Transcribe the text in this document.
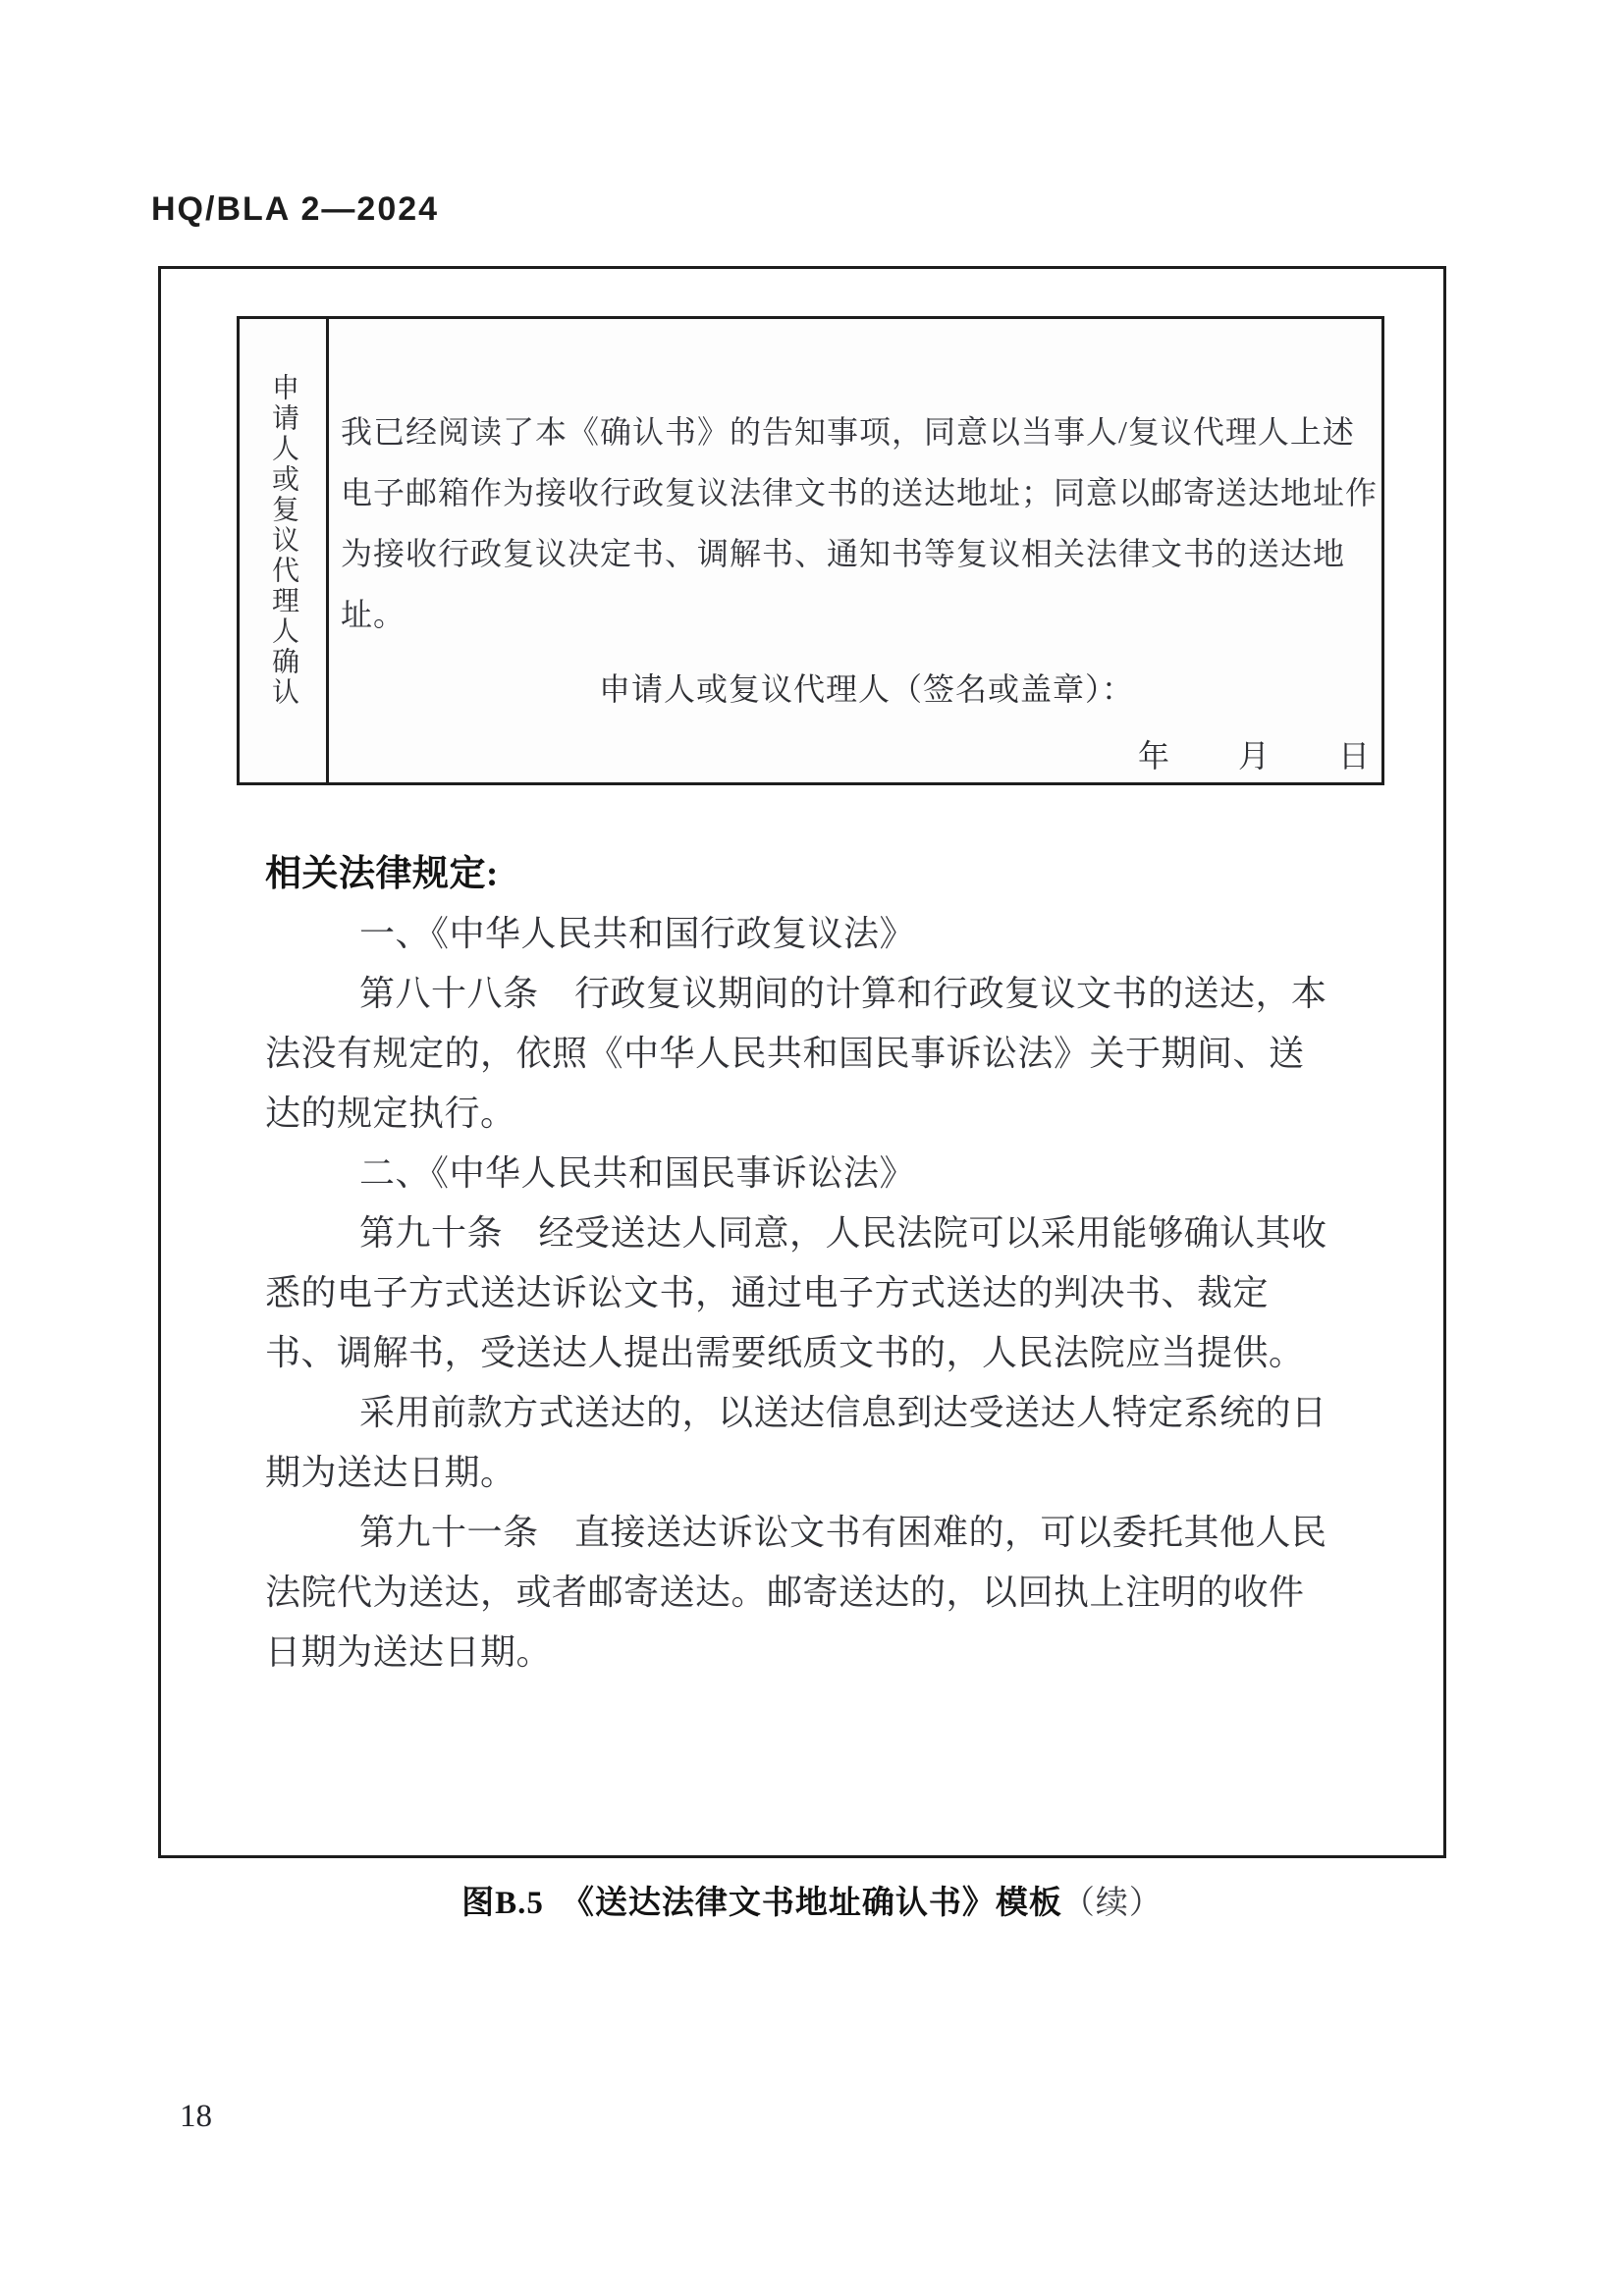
HQ/BLA 2—2024
申请人或复议代理人确认 我已经阅读了本《确认书》的告知事项，同意以当事人/复议代理人上述电子邮箱作为接收行政复议法律文书的送达地址；同意以邮寄送达地址作为接收行政复议决定书、调解书、通知书等复议相关法律文书的送达地址。
申请人或复议代理人（签名或盖章）：
年 月 日

相关法律规定:

一、《中华人民共和国行政复议法》

第八十八条　行政复议期间的计算和行政复议文书的送达，本法没有规定的，依照《中华人民共和国民事诉讼法》关于期间、送达的规定执行。

二、《中华人民共和国民事诉讼法》

第九十条　经受送达人同意，人民法院可以采用能够确认其收悉的电子方式送达诉讼文书，通过电子方式送达的判决书、裁定书、调解书，受送达人提出需要纸质文书的，人民法院应当提供。

采用前款方式送达的，以送达信息到达受送达人特定系统的日期为送达日期。

第九十一条　直接送达诉讼文书有困难的，可以委托其他人民法院代为送达，或者邮寄送达。邮寄送达的，以回执上注明的收件日期为送达日期。

图B.5 《送达法律文书地址确认书》模板（续）
18
